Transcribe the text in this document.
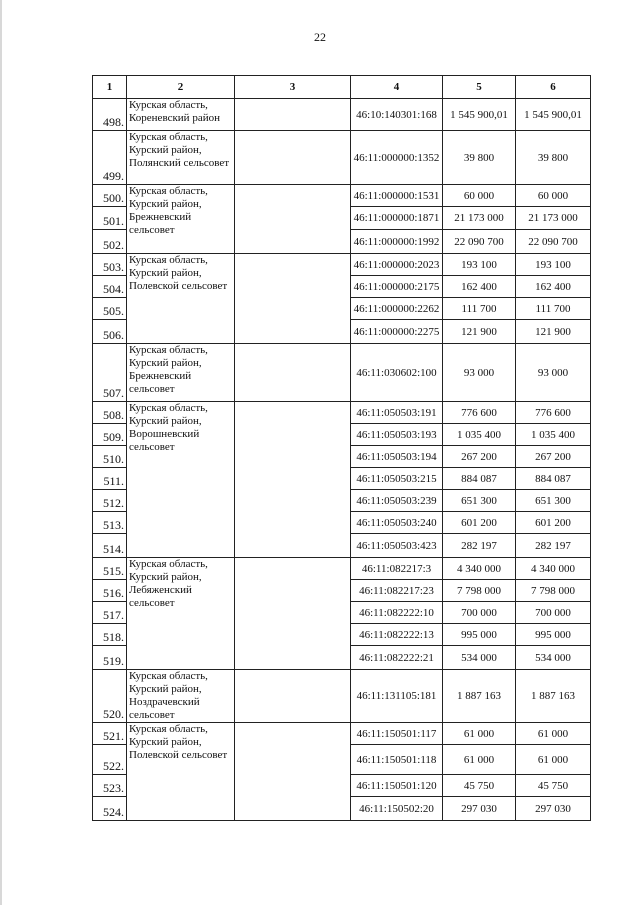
22
1	2	3	4	5	6
498.	Курская область, Кореневский район		46:10:140301:168	1 545 900,01	1 545 900,01
499.	Курская область, Курский район, Полянский сельсовет		46:11:000000:1352	39 800	39 800
500.	Курская область, Курский район, Брежневский сельсовет		46:11:000000:1531	60 000	60 000
501.			46:11:000000:1871	21 173 000	21 173 000
502.			46:11:000000:1992	22 090 700	22 090 700
503.	Курская область, Курский район, Полевской сельсовет		46:11:000000:2023	193 100	193 100
504.			46:11:000000:2175	162 400	162 400
505.			46:11:000000:2262	111 700	111 700
506.			46:11:000000:2275	121 900	121 900
507.	Курская область, Курский район, Брежневский сельсовет		46:11:030602:100	93 000	93 000
508.	Курская область, Курский район, Ворошневский сельсовет		46:11:050503:191	776 600	776 600
509.			46:11:050503:193	1 035 400	1 035 400
510.			46:11:050503:194	267 200	267 200
511.			46:11:050503:215	884 087	884 087
512.			46:11:050503:239	651 300	651 300
513.			46:11:050503:240	601 200	601 200
514.			46:11:050503:423	282 197	282 197
515.	Курская область, Курский район, Лебяженский сельсовет		46:11:082217:3	4 340 000	4 340 000
516.			46:11:082217:23	7 798 000	7 798 000
517.			46:11:082222:10	700 000	700 000
518.			46:11:082222:13	995 000	995 000
519.			46:11:082222:21	534 000	534 000
520.	Курская область, Курский район, Ноздрачевский сельсовет		46:11:131105:181	1 887 163	1 887 163
521.	Курская область, Курский район, Полевской сельсовет		46:11:150501:117	61 000	61 000
522.			46:11:150501:118	61 000	61 000
523.			46:11:150501:120	45 750	45 750
524.			46:11:150502:20	297 030	297 030
